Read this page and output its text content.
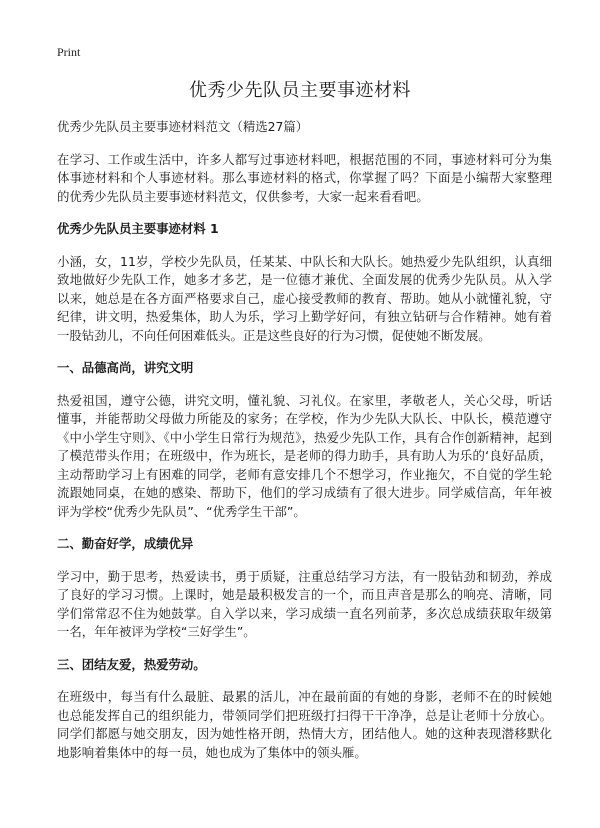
Print
优秀少先队员主要事迹材料

优秀少先队员主要事迹材料范文（精选27篇）

在学习、工作或生活中，许多人都写过事迹材料吧，根据范围的不同，事迹材料可分为集体事迹材料和个人事迹材料。那么事迹材料的格式，你掌握了吗？下面是小编帮大家整理的优秀少先队员主要事迹材料范文，仅供参考，大家一起来看看吧。

优秀少先队员主要事迹材料 1

小涵，女，11岁，学校少先队员，任某某、中队长和大队长。她热爱少先队组织，认真细致地做好少先队工作，她多才多艺，是一位德才兼优、全面发展的优秀少先队员。从入学以来，她总是在各方面严格要求自己，虚心接受教师的教育、帮助。她从小就懂礼貌，守纪律，讲文明，热爱集体，助人为乐，学习上勤学好问，有独立钻研与合作精神。她有着一股钻劲儿，不向任何困难低头。正是这些良好的行为习惯，促使她不断发展。

一、品德高尚，讲究文明

热爱祖国，遵守公德，讲究文明，懂礼貌、习礼仪。在家里，孝敬老人，关心父母，听话懂事，并能帮助父母做力所能及的家务；在学校，作为少先队大队长、中队长，模范遵守《中小学生守则》、《中小学生日常行为规范》，热爱少先队工作，具有合作创新精神，起到了模范带头作用；在班级中，作为班长，是老师的得力助手，具有助人为乐的‘良好品质，主动帮助学习上有困难的同学，老师有意安排几个不想学习，作业拖欠，不自觉的学生轮流跟她同桌，在她的感染、帮助下，他们的学习成绩有了很大进步。同学威信高，年年被评为学校“优秀少先队员”、“优秀学生干部”。

二、勤奋好学，成绩优异

学习中，勤于思考，热爱读书，勇于质疑，注重总结学习方法，有一股钻劲和韧劲，养成了良好的学习习惯。上课时，她是最积极发言的一个，而且声音是那么的响亮、清晰，同学们常常忍不住为她鼓掌。自入学以来，学习成绩一直名列前茅，多次总成绩获取年级第一名，年年被评为学校“三好学生”。

三、团结友爱，热爱劳动。

在班级中，每当有什么最脏、最累的活儿，冲在最前面的有她的身影，老师不在的时候她也总能发挥自己的组织能力，带领同学们把班级打扫得干干净净，总是让老师十分放心。同学们都愿与她交朋友，因为她性格开朗，热情大方，团结他人。她的这种表现潜移默化地影响着集体中的每一员，她也成为了集体中的领头雁。
